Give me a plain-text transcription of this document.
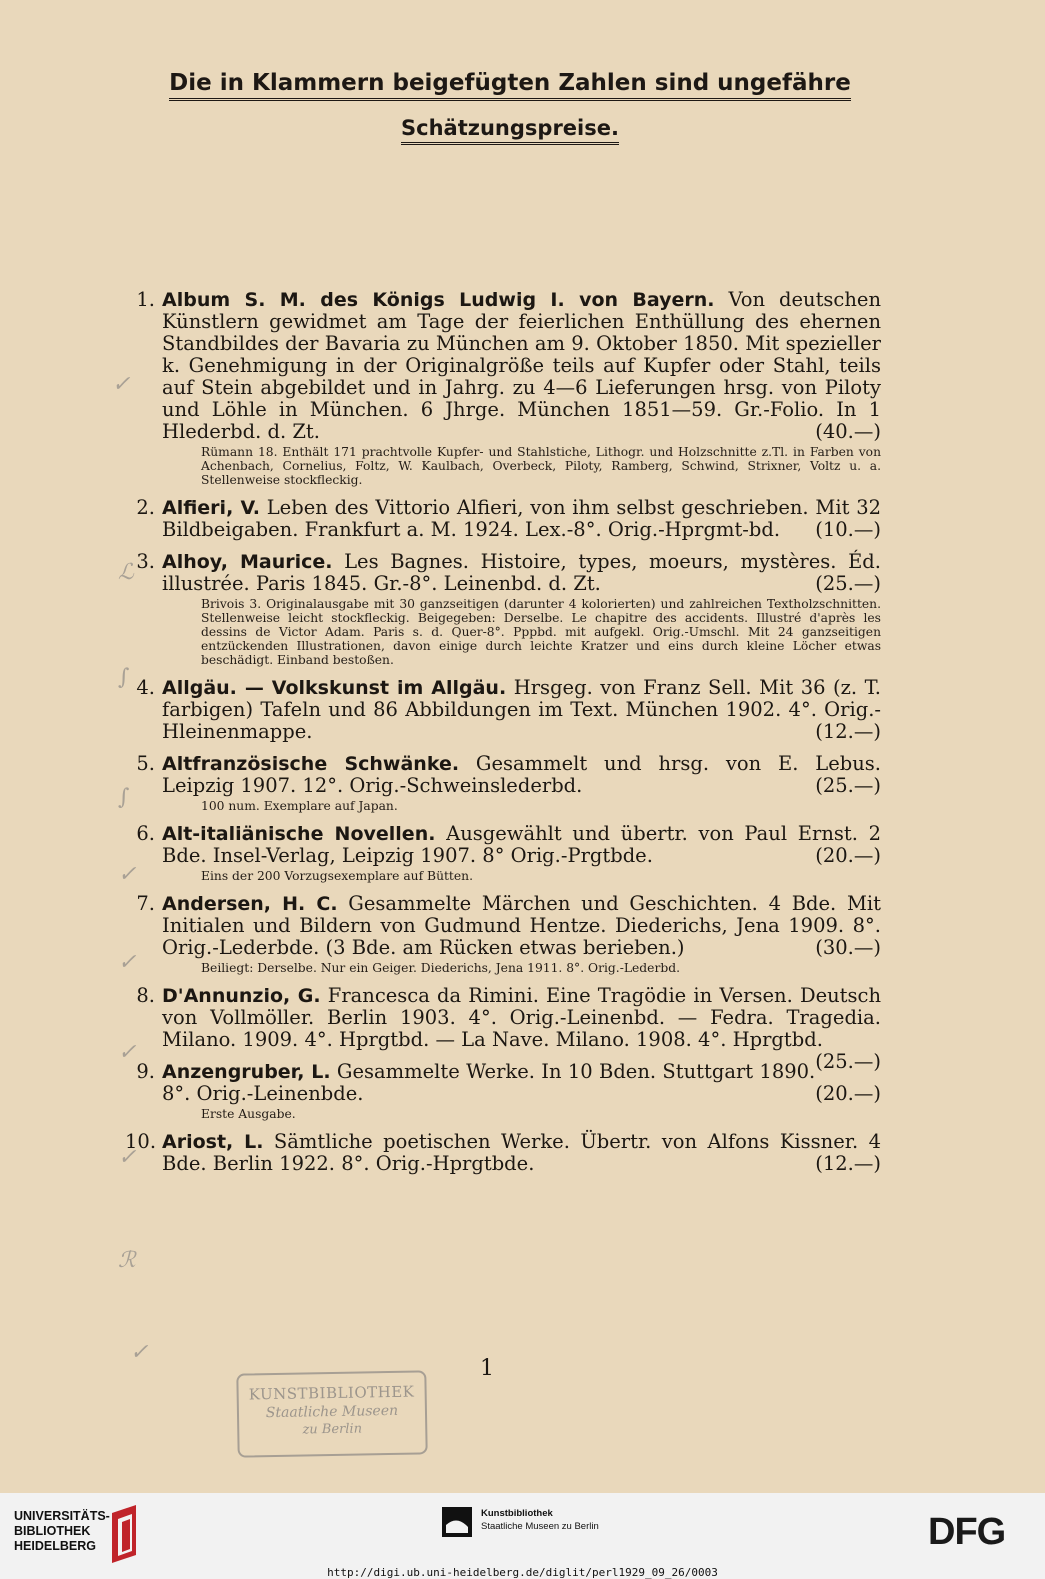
Die in Klammern beigefügten Zahlen sind ungefähre
Schätzungspreise.
1. Album S. M. des Königs Ludwig I. von Bayern. Von deutschen Künstlern gewidmet am Tage der feierlichen Enthüllung des ehernen Standbildes der Bavaria zu München am 9. Oktober 1850. Mit spezieller k. Genehmigung in der Originalgröße teils auf Kupfer oder Stahl, teils auf Stein abgebildet und in Jahrg. zu 4—6 Lieferungen hrsg. von Piloty und Löhle in München. 6 Jhrge. München 1851—59. Gr.-Folio. In 1 Hlederbd. d. Zt.	(40.—)
Rümann 18. Enthält 171 prachtvolle Kupfer- und Stahlstiche, Lithogr. und Holzschnitte z.Tl. in Farben von Achenbach, Cornelius, Foltz, W. Kaulbach, Overbeck, Piloty, Ramberg, Schwind, Strixner, Voltz u. a. Stellenweise stockfleckig.
2. Alfieri, V. Leben des Vittorio Alfieri, von ihm selbst geschrieben. Mit 32 Bildbeigaben. Frankfurt a. M. 1924. Lex.-8°. Orig.-Hprgmt-bd. (10.—)
3. Alhoy, Maurice. Les Bagnes. Histoire, types, moeurs, mystères. Éd. illustrée. Paris 1845. Gr.-8°. Leinenbd. d. Zt.	(25.—)
Brivois 3. Originalausgabe mit 30 ganzseitigen (darunter 4 kolorierten) und zahlreichen Textholzschnitten. Stellenweise leicht stockfleckig. Beigegeben: Derselbe. Le chapitre des accidents. Illustré d'après les dessins de Victor Adam. Paris s. d. Quer-8°. Pppbd. mit aufgekl. Orig.-Umschl. Mit 24 ganzseitigen entzückenden Illustrationen, davon einige durch leichte Kratzer und eins durch kleine Löcher etwas beschädigt. Einband bestoßen.
4. Allgäu. — Volkskunst im Allgäu. Hrsgeg. von Franz Sell. Mit 36 (z. T. farbigen) Tafeln und 86 Abbildungen im Text. München 1902. 4°. Orig.-Hleinenmappe.	(12.—)
5. Altfranzösische Schwänke. Gesammelt und hrsg. von E. Lebus. Leipzig 1907. 12°. Orig.-Schweinslederbd.	(25.—)
100 num. Exemplare auf Japan.
6. Alt-italiänische Novellen. Ausgewählt und übertr. von Paul Ernst. 2 Bde. Insel-Verlag, Leipzig 1907. 8° Orig.-Prgtbde.	(20.—)
Eins der 200 Vorzugsexemplare auf Bütten.
7. Andersen, H. C. Gesammelte Märchen und Geschichten. 4 Bde. Mit Initialen und Bildern von Gudmund Hentze. Diederichs, Jena 1909. 8°. Orig.-Lederbde. (3 Bde. am Rücken etwas berieben.)	(30.—)
Beiliegt: Derselbe. Nur ein Geiger. Diederichs, Jena 1911. 8°. Orig.-Lederbd.
8. D'Annunzio, G. Francesca da Rimini. Eine Tragödie in Versen. Deutsch von Vollmöller. Berlin 1903. 4°. Orig.-Leinenbd. — Fedra. Tragedia. Milano. 1909. 4°. Hprgtbd. — La Nave. Milano. 1908. 4°. Hprgtbd.
(25.—)
9. Anzengruber, L. Gesammelte Werke. In 10 Bden. Stuttgart 1890. 8°. Orig.-Leinenbde.	(20.—)
Erste Ausgabe.
10. Ariost, L. Sämtliche poetischen Werke. Übertr. von Alfons Kissner. 4 Bde. Berlin 1922. 8°. Orig.-Hprgtbde.	(12.—)
✓
ℒ
∫
∫
✓
✓
✓
✓
ℛ
✓
1
KUNSTBIBLIOTHEK
Staatliche Museen
zu Berlin
UNIVERSITÄTS-
BIBLIOTHEK
HEIDELBERG
Kunstbibliothek
Staatliche Museen zu Berlin	DFG
http://digi.ub.uni-heidelberg.de/diglit/perl1929_09_26/0003
